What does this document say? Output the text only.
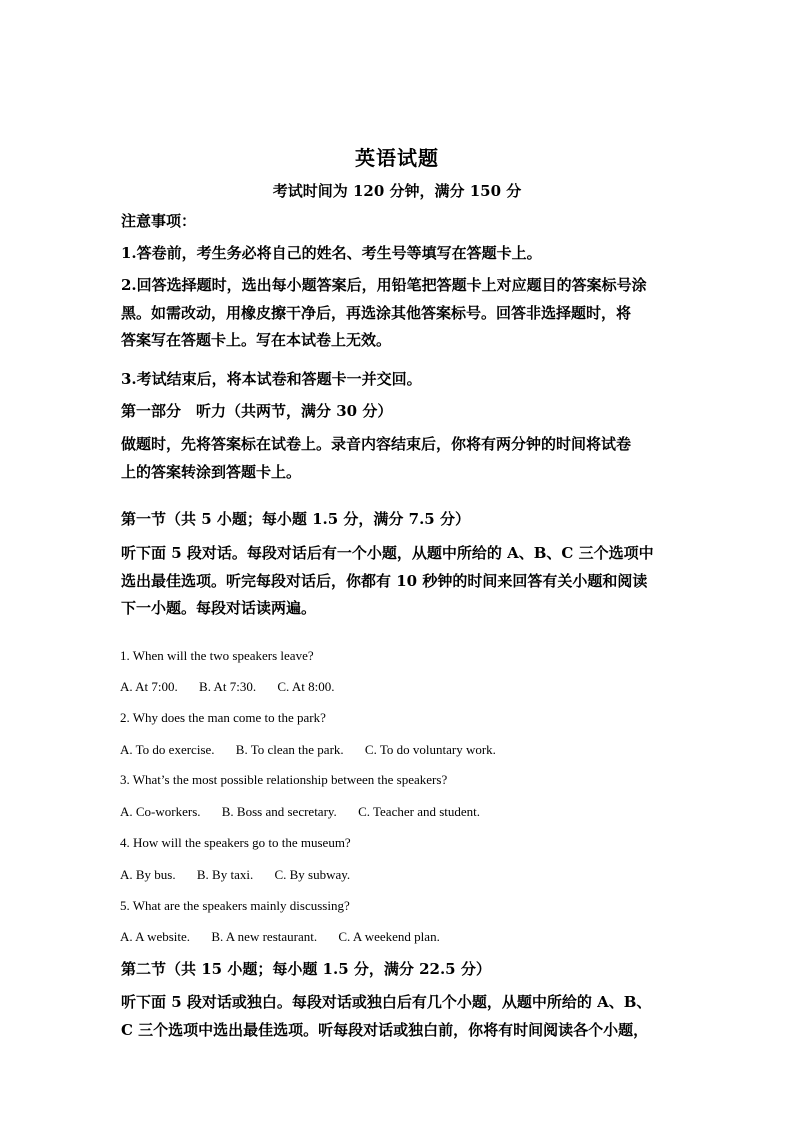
英语试题
考试时间为 120 分钟，满分 150 分
注意事项：
1.答卷前，考生务必将自己的姓名、考生号等填写在答题卡上。
2.回答选择题时，选出每小题答案后，用铅笔把答题卡上对应题目的答案标号涂
黑。如需改动，用橡皮擦干净后，再选涂其他答案标号。回答非选择题时，将
答案写在答题卡上。写在本试卷上无效。
3.考试结束后，将本试卷和答题卡一并交回。
第一部分　听力（共两节，满分 30 分）
做题时，先将答案标在试卷上。录音内容结束后，你将有两分钟的时间将试卷
上的答案转涂到答题卡上。
第一节（共 5 小题；每小题 1.5 分，满分 7.5 分）
听下面 5 段对话。每段对话后有一个小题，从题中所给的 A、B、C 三个选项中
选出最佳选项。听完每段对话后，你都有 10 秒钟的时间来回答有关小题和阅读
下一小题。每段对话读两遍。
1. When will the two speakers leave?
A. At 7:00. B. At 7:30. C. At 8:00.
2. Why does the man come to the park?
A. To do exercise. B. To clean the park. C. To do voluntary work.
3. What’s the most possible relationship between the speakers?
A. Co-workers. B. Boss and secretary. C. Teacher and student.
4. How will the speakers go to the museum?
A. By bus. B. By taxi. C. By subway.
5. What are the speakers mainly discussing?
A. A website. B. A new restaurant. C. A weekend plan.
第二节（共 15 小题；每小题 1.5 分，满分 22.5 分）
听下面 5 段对话或独白。每段对话或独白后有几个小题，从题中所给的 A、B、
C 三个选项中选出最佳选项。听每段对话或独白前，你将有时间阅读各个小题，
